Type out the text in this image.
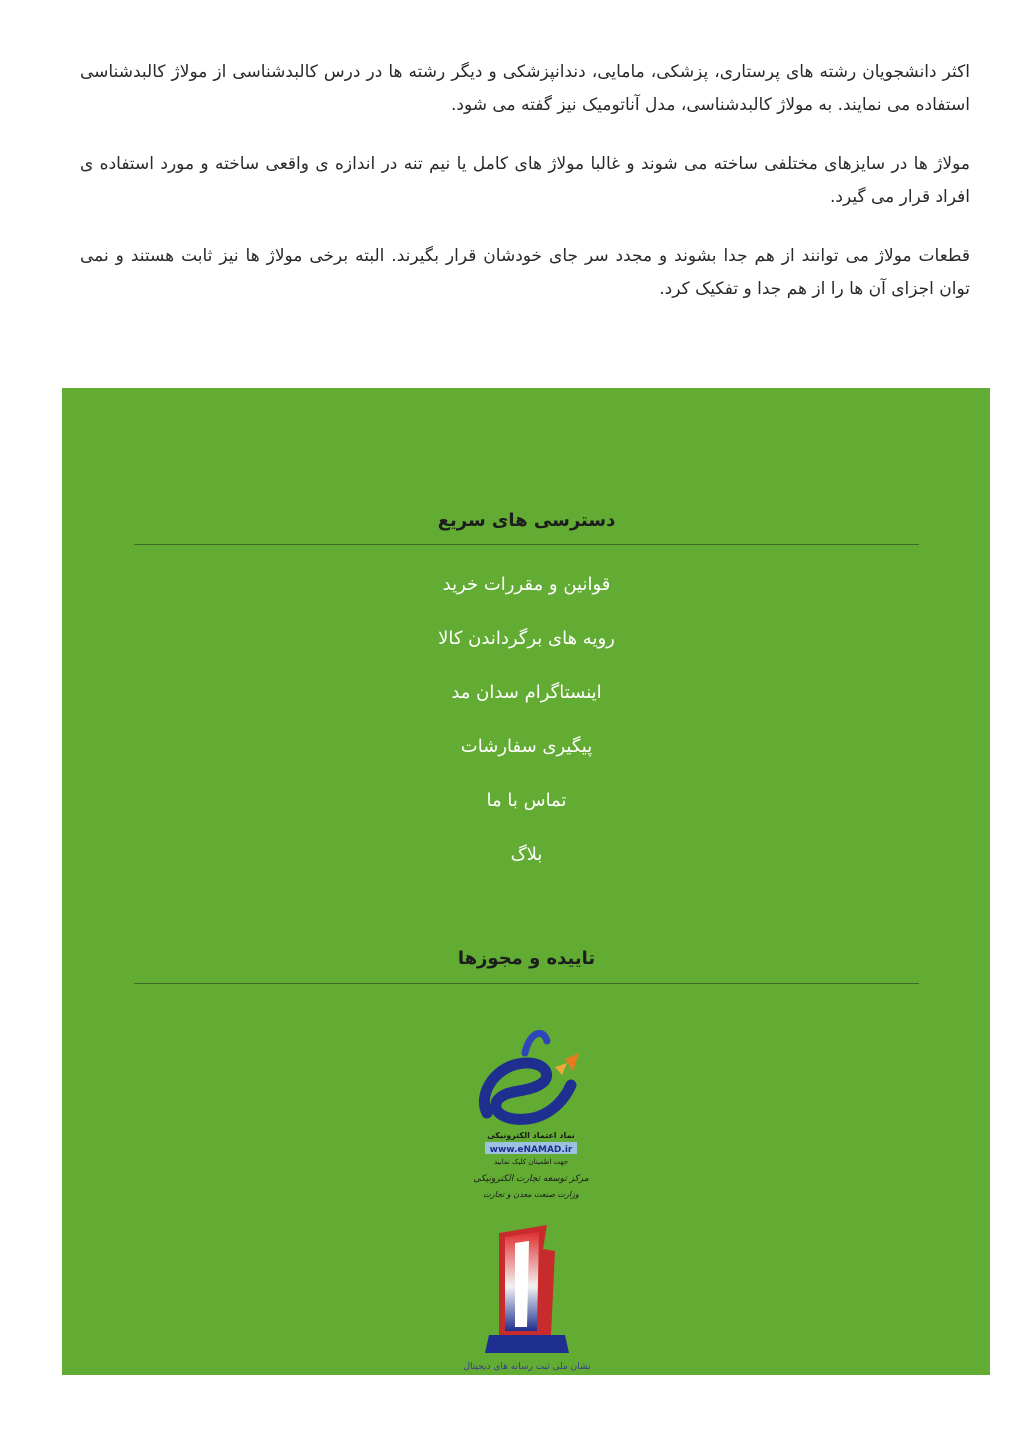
اکثر دانشجویان رشته های پرستاری، پزشکی، مامایی، دندانپزشکی و دیگر رشته ها در درس کالبدشناسی از مولاژ کالبدشناسی استفاده می نمایند. به مولاژ کالبدشناسی، مدل آناتومیک نیز گفته می شود.

مولاژ ها در سایزهای مختلفی ساخته می شوند و غالبا مولاژ های کامل یا نیم تنه در اندازه ی واقعی ساخته و مورد استفاده ی افراد قرار می گیرد.

قطعات مولاژ می توانند از هم جدا بشوند و مجدد سر جای خودشان قرار بگیرند. البته برخی مولاژ ها نیز ثابت هستند و نمی توان اجزای آن ها را از هم جدا و تفکیک کرد.

دسترسی های سریع
قوانین و مقررات خرید
رویه های برگرداندن کالا
اینستاگرام سدان مد
پیگیری سفارشات
تماس با ما
بلاگ
تاییده و مجوزها
نماد اعتماد الکترونیکی
www.eNAMAD.ir
جهت اطمینان کلیک نمایید
مرکز توسعه تجارت الکترونیکی
وزارت صنعت معدن و تجارت
نشان ملی ثبت رسانه های دیجیتال
